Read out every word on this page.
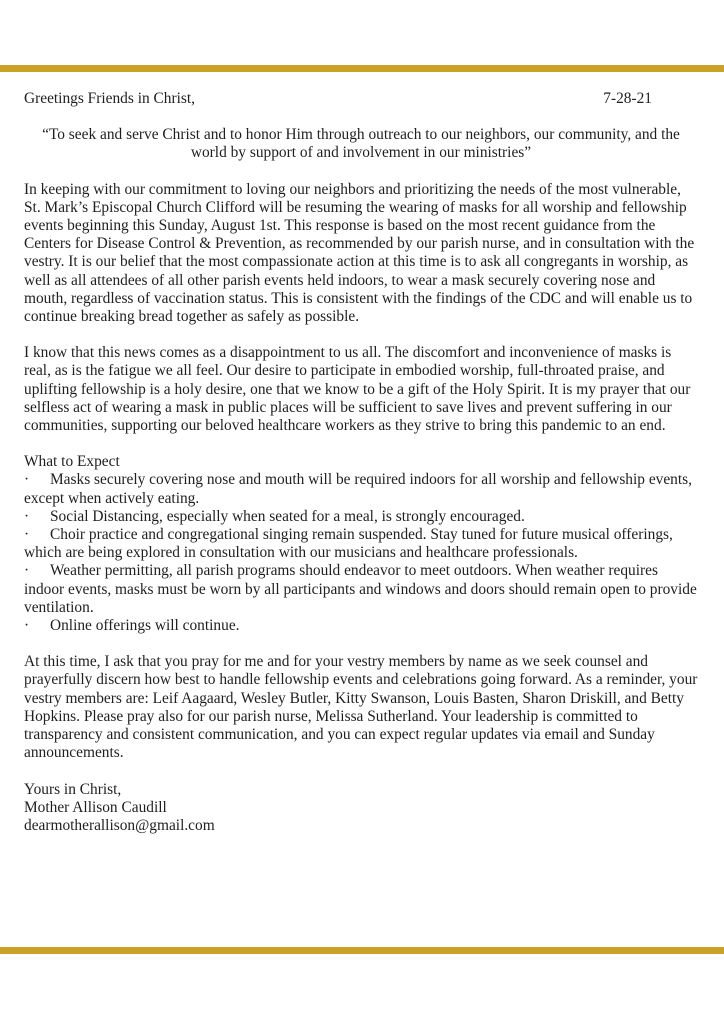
Greetings Friends in Christ,	7-28-21

“To seek and serve Christ and to honor Him through outreach to our neighbors, our community, and the world by support of and involvement in our ministries”

In keeping with our commitment to loving our neighbors and prioritizing the needs of the most vulnerable, St. Mark’s Episcopal Church Clifford will be resuming the wearing of masks for all worship and fellowship events beginning this Sunday, August 1st. This response is based on the most recent guidance from the Centers for Disease Control & Prevention, as recommended by our parish nurse, and in consultation with the vestry. It is our belief that the most compassionate action at this time is to ask all congregants in worship, as well as all attendees of all other parish events held indoors, to wear a mask securely covering nose and mouth, regardless of vaccination status. This is consistent with the findings of the CDC and will enable us to continue breaking bread together as safely as possible.

I know that this news comes as a disappointment to us all. The discomfort and inconvenience of masks is real, as is the fatigue we all feel. Our desire to participate in embodied worship, full-throated praise, and uplifting fellowship is a holy desire, one that we know to be a gift of the Holy Spirit. It is my prayer that our selfless act of wearing a mask in public places will be sufficient to save lives and prevent suffering in our communities, supporting our beloved healthcare workers as they strive to bring this pandemic to an end.

What to Expect

· Masks securely covering nose and mouth will be required indoors for all worship and fellowship events, except when actively eating.

· Social Distancing, especially when seated for a meal, is strongly encouraged.

· Choir practice and congregational singing remain suspended. Stay tuned for future musical offerings, which are being explored in consultation with our musicians and healthcare professionals.

· Weather permitting, all parish programs should endeavor to meet outdoors. When weather requires indoor events, masks must be worn by all participants and windows and doors should remain open to provide ventilation.

· Online offerings will continue.

At this time, I ask that you pray for me and for your vestry members by name as we seek counsel and prayerfully discern how best to handle fellowship events and celebrations going forward. As a reminder, your vestry members are: Leif Aagaard, Wesley Butler, Kitty Swanson, Louis Basten, Sharon Driskill, and Betty Hopkins. Please pray also for our parish nurse, Melissa Sutherland. Your leadership is committed to transparency and consistent communication, and you can expect regular updates via email and Sunday announcements.

Yours in Christ,

Mother Allison Caudill

dearmotherallison@gmail.com
